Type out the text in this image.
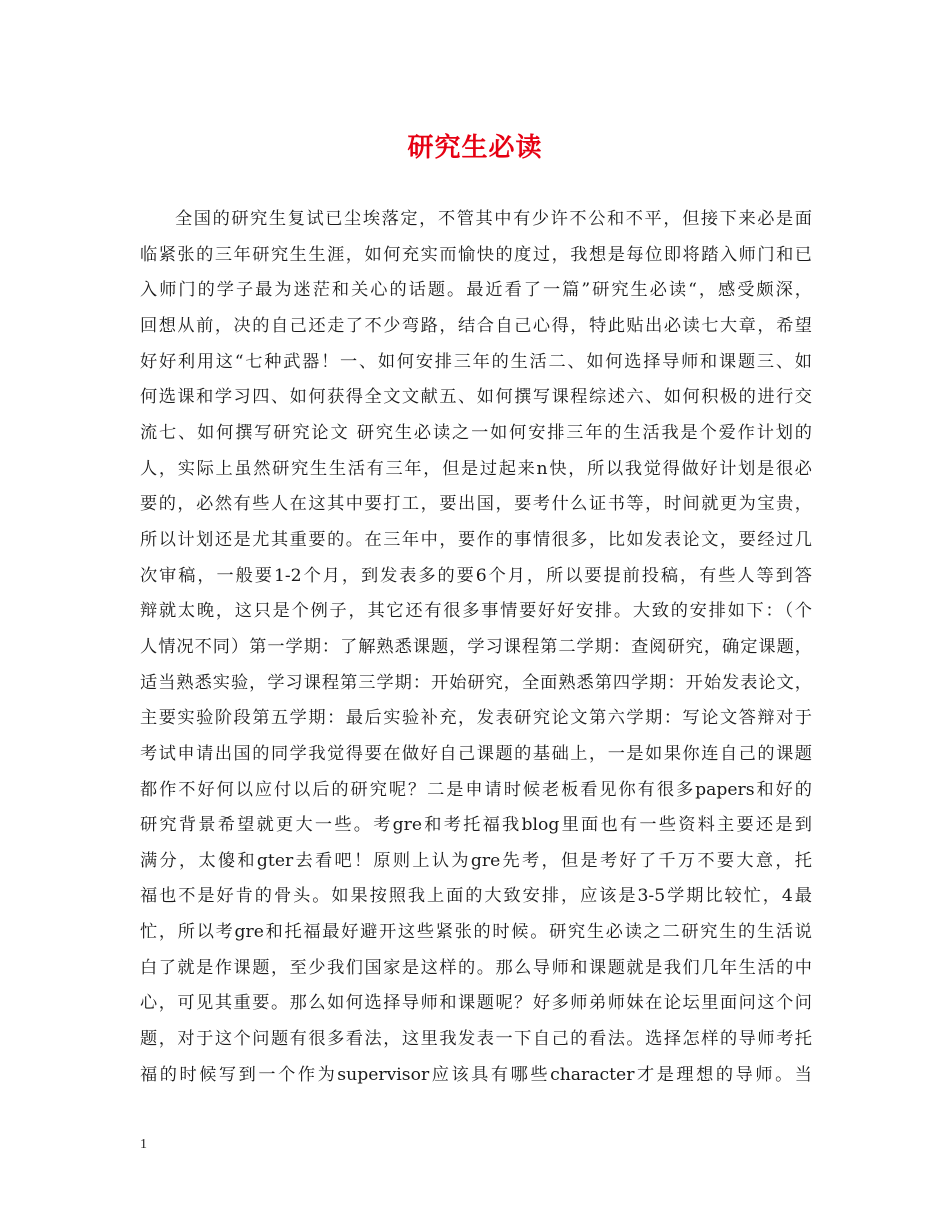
研究生必读
全国的研究生复试已尘埃落定，不管其中有少许不公和不平，但接下来必是面
临紧张的三年研究生生涯，如何充实而愉快的度过，我想是每位即将踏入师门和已
入师门的学子最为迷茫和关心的话题。最近看了一篇”研究生必读“，感受颇深，
回想从前，决的自己还走了不少弯路，结合自己心得，特此贴出必读七大章，希望
好好利用这“七种武器！一、如何安排三年的生活二、如何选择导师和课题三、如
何选课和学习四、如何获得全文文献五、如何撰写课程综述六、如何积极的进行交
流七、如何撰写研究论文 研究生必读之一如何安排三年的生活我是个爱作计划的
人，实际上虽然研究生生活有三年，但是过起来n快，所以我觉得做好计划是很必
要的，必然有些人在这其中要打工，要出国，要考什么证书等，时间就更为宝贵，
所以计划还是尤其重要的。在三年中，要作的事情很多，比如发表论文，要经过几
次审稿，一般要1-2个月，到发表多的要6个月，所以要提前投稿，有些人等到答
辩就太晚，这只是个例子，其它还有很多事情要好好安排。大致的安排如下：（个
人情况不同）第一学期：了解熟悉课题，学习课程第二学期：查阅研究，确定课题，
适当熟悉实验，学习课程第三学期：开始研究，全面熟悉第四学期：开始发表论文，
主要实验阶段第五学期：最后实验补充，发表研究论文第六学期：写论文答辩对于
考试申请出国的同学我觉得要在做好自己课题的基础上，一是如果你连自己的课题
都作不好何以应付以后的研究呢？二是申请时候老板看见你有很多papers和好的
研究背景希望就更大一些。考gre和考托福我blog里面也有一些资料主要还是到
满分，太傻和gter去看吧！原则上认为gre先考，但是考好了千万不要大意，托
福也不是好肯的骨头。如果按照我上面的大致安排，应该是3-5学期比较忙，4最
忙，所以考gre和托福最好避开这些紧张的时候。研究生必读之二研究生的生活说
白了就是作课题，至少我们国家是这样的。那么导师和课题就是我们几年生活的中
心，可见其重要。那么如何选择导师和课题呢？好多师弟师妹在论坛里面问这个问
题，对于这个问题有很多看法，这里我发表一下自己的看法。选择怎样的导师考托
福的时候写到一个作为supervisor应该具有哪些character才是理想的导师。当
1
